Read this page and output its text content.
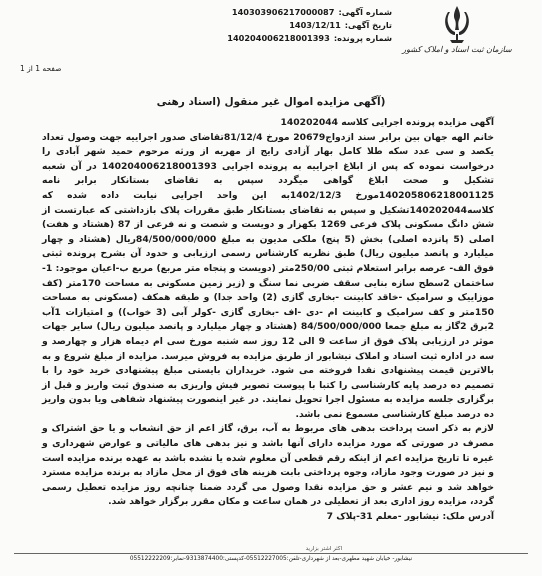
شماره آگهی:
140303906217000087
تاریخ آگهی:
1403/12/11
شماره پرونده:
140204006218001393
سازمان ثبت اسناد و املاک کشور
صفحه 1 از 1
(آگهی مزایده اموال غیر منقول (اسناد رهنی

آگهی مزایده پرونده اجرایی کلاسه 140202044

خانم الهه جهان بین برابر سند ازدواج20679 مورخ 81/12/4تقاضای صدور اجراییه جهت وصول تعداد یکصد و سی عدد سکه طلا کامل بهار آزادی رایج از مهریه از ورثه مرحوم حمید شهر آبادی را درخواست نموده که پس از ابلاغ اجراییه به پرونده اجرایی 140204006218001393 در آن شعبه تشکیل و صحت ابلاغ گواهی میگردد سپس به تقاضای بستانکار برابر نامه 140205806218001125مورخ 1402/12/3به این واحد اجرایی نیابت داده شده که کلاسه140202044تشکیل و سپس به تقاضای بستانکار طبق مقررات پلاک بازداشتی که عبارتست از شش دانگ مسکونی پلاک فرعی 1269 بکهزار و دویست و شصت و نه فرعی از 87 (هشتاد و هفت) اصلی (5 پانزده اصلی) بخش (5 پنج) ملکی مدیون به مبلغ 84/500/000/000ریال (هشتاد و چهار میلیارد و پانصد میلیون ریال) طبق نظریه کارشناس رسمی ارزیابی و حدود آن بشرح پرونده ثبتی فوق الف- عرصه برابر استعلام ثبتی 250/00متر (دویست و پنجاه متر مربع) مربع ب-اعیان موجود: 1-ساختمان 2سطح سازه بنایی سقف ضربی نما سنگ و (زیر زمین مسکونی به مساحت 170متر (کف موزاییک و سرامیک -خاقد کابینت -بخاری گازی (2) واحد جدا) و طبقه همکف (مسکونی به مساحت 150متر و کف سرامیک و کابینت ام -دی -اف -بخاری گازی -کولر آبی (3 خواب)) و امتیازات 1آب 2برق 2گاز به مبلغ جمعا 84/500/000/000 (هشتاد و چهار میلیارد و پانصد میلیون ریال) سایر جهات موثر در ارزیابی پلاک فوق از ساعت 9 الی 12 روز سه شنبه مورخ سی ام دیماه هزار و چهارصد و سه در اداره ثبت اسناد و املاک نیشابور از طریق مزایده به فروش میرسد. مزایده از مبلغ شروع و به بالاترین قیمت پیشنهادی نقدا فروخته می شود. خریداران بایستی مبلغ پیشنهادی خرید خود را با تصمیم ده درصد پایه کارشناسی را کتبا با پیوست تصویر فیش واریزی به صندوق ثبت واریز و قبل از برگزاری جلسه مزایده به مسئول اجرا تحویل نمایند. در غیر اینصورت پیشنهاد شفاهی ویا بدون واریز ده درصد مبلغ کارشناسی مسموع نمی باشد.

لازم به ذکر است پرداخت بدهی های مربوط به آب، برق، گاز اعم از حق انشعاب و یا حق اشتراک و مصرف در صورتی که مورد مزایده دارای آنها باشد و نیز بدهی های مالیاتی و عوارض شهرداری و غیره تا تاریخ مزایده اعم از اینکه رقم قطعی آن معلوم شده یا نشده باشد به عهده برنده مزایده است و نیز در صورت وجود مازاد، وجوه پرداختی بابت هزینه های فوق از محل مازاد به برنده مزایده مسترد خواهد شد و نیم عشر و حق مزایده نقدا وصول می گردد ضمنا چنانچه روز مزایده تعطیل رسمی گردد، مزایده روز اداری بعد از تعطیلی در همان ساعت و مکان مقرر برگزار خواهد شد.

آدرس ملک: نیشابور -معلم 31-پلاک 7

اکثر اشتر بزارید
نیشابور- خیابان شهید مطهری-بعد از شهرداری-تلفن:05512227005-کدپستی:9313874400-نمابر:05512222209
